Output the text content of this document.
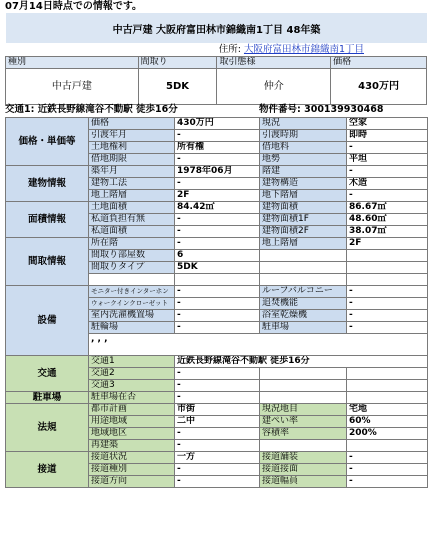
07月14日時点での情報です。
中古戸建 大阪府富田林市錦織南1丁目 48年築
住所: 大阪府富田林市錦織南1丁目
種別	間取り	取引態様	価格
中古戸建	5DK	仲介	430万円
交通1: 近鉄長野線滝谷不動駅 徒歩16分	物件番号: 300139930468
価格・単価等	価格	430万円	現況	空家
	引渡年月	-	引渡時期	即時
	土地権利	所有権	借地料	-
	借地期限	-	地勢	平坦
建物情報	築年月	1978年06月	階建	-
	建物工法	-	建物構造	木造
	地上階層	2F	地下階層	-
面積情報	土地面積	84.42㎡	建物面積	86.67㎡
	私道負担有無	-	建物面積1F	48.60㎡
	私道面積	-	建物面積2F	38.07㎡
間取情報	所在階	-	地上階層	2F
	間取り部屋数	6		
	間取りタイプ	5DK		

設備	モニター付きインターホン	-	ルーフバルコニー	-
	ウォークインクローゼット	-	追焚機能	-
	室内洗濯機置場	-	浴室乾燥機	-
	駐輪場	-	駐車場	-
	, , ,			
交通	交通1	近鉄長野線滝谷不動駅 徒歩16分		
	交通2	-		
	交通3	-		
駐車場	駐車場在否	-		
法規	都市計画	市街	現況地目	宅地
	用途地域	二中	建ぺい率	60%
	地域地区	-	容積率	200%
	再建築	-		
接道	接道状況	一方	接道舗装	-
	接道種別	-	接道接面	-
	接道方向	-	接道幅員	-
